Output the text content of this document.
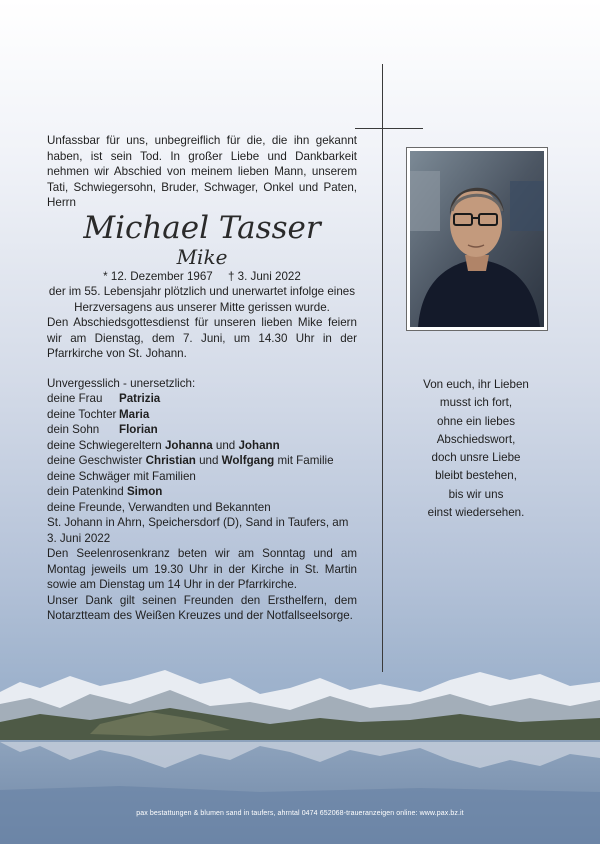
Unfassbar für uns, unbegreiflich für die, die ihn gekannt haben, ist sein Tod. In großer Liebe und Dankbarkeit nehmen wir Abschied von meinem lieben Mann, unserem Tati, Schwiegersohn, Bruder, Schwager, Onkel und Paten, Herrn

Michael Tasser

Mike

* 12. Dezember 1967 † 3. Juni 2022

der im 55. Lebensjahr plötzlich und unerwartet infolge eines Herzversagens aus unserer Mitte gerissen wurde.

Den Abschiedsgottesdienst für unseren lieben Mike feiern wir am Dienstag, dem 7. Juni, um 14.30 Uhr in der Pfarrkirche von St. Johann.

Unvergesslich - unersetzlich:
deine Frau Patrizia
deine Tochter Maria
dein Sohn Florian
deine Schwiegereltern Johanna und Johann
deine Geschwister Christian und Wolfgang mit Familie
deine Schwäger mit Familien
dein Patenkind Simon
deine Freunde, Verwandten und Bekannten

St. Johann in Ahrn, Speichersdorf (D), Sand in Taufers, am 3. Juni 2022

Den Seelenrosenkranz beten wir am Sonntag und am Montag jeweils um 19.30 Uhr in der Kirche in St. Martin sowie am Dienstag um 14 Uhr in der Pfarrkirche.

Unser Dank gilt seinen Freunden den Ersthelfern, dem Notarztteam des Weißen Kreuzes und der Notfallseelsorge.

Von euch, ihr Lieben
musst ich fort,
ohne ein liebes
Abschiedswort,
doch unsre Liebe
bleibt bestehen,
bis wir uns
einst wiedersehen.
pax bestattungen & blumen sand in taufers, ahrntal 0474 652068-traueranzeigen online: www.pax.bz.it
